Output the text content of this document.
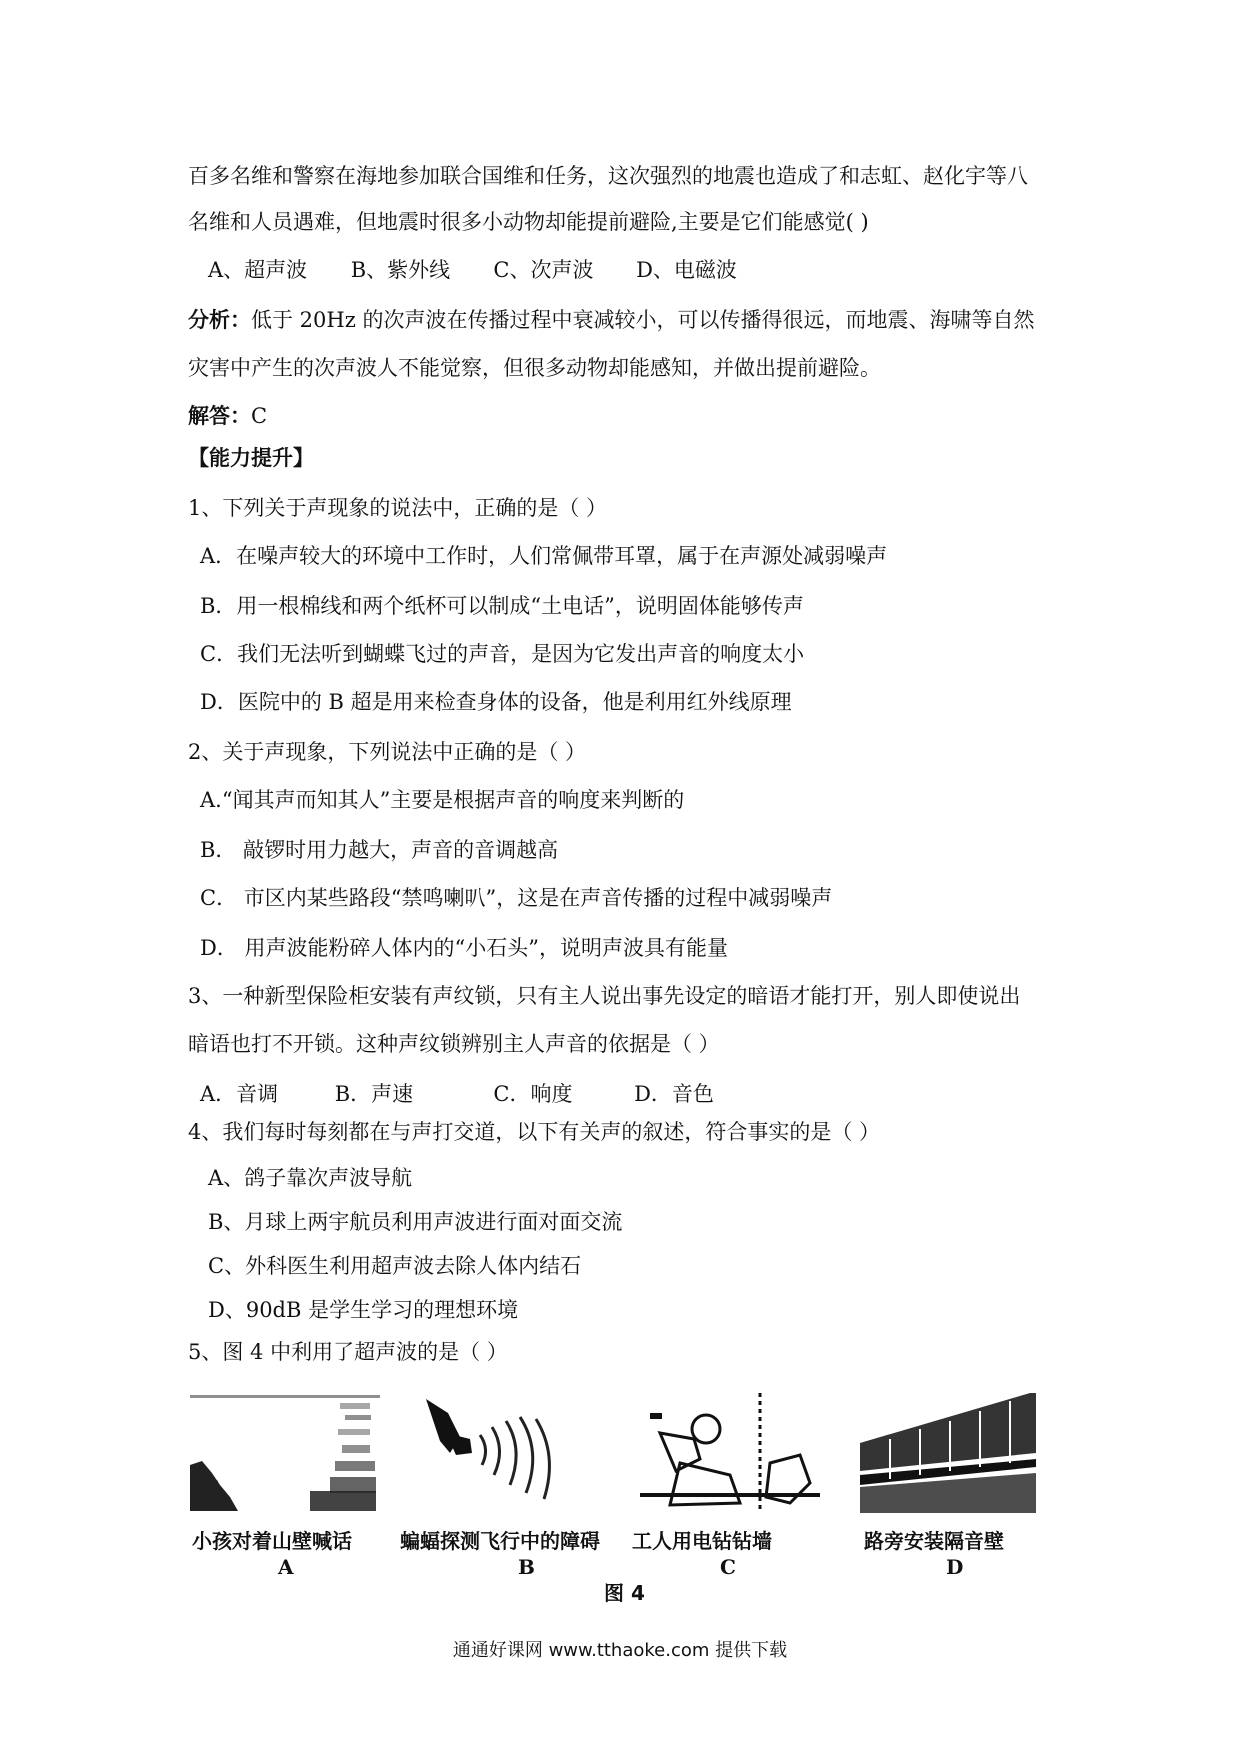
百多名维和警察在海地参加联合国维和任务，这次强烈的地震也造成了和志虹、赵化宇等八
名维和人员遇难，但地震时很多小动物却能提前避险,主要是它们能感觉( )
A、超声波 B、紫外线 C、次声波 D、电磁波
分析：低于 20Hz 的次声波在传播过程中衰减较小，可以传播得很远，而地震、海啸等自然
灾害中产生的次声波人不能觉察，但很多动物却能感知，并做出提前避险。
解答：C
【能力提升】
1、下列关于声现象的说法中，正确的是（ ）
A．在噪声较大的环境中工作时，人们常佩带耳罩，属于在声源处减弱噪声
B．用一根棉线和两个纸杯可以制成“土电话”，说明固体能够传声
C．我们无法听到蝴蝶飞过的声音，是因为它发出声音的响度太小
D．医院中的 B 超是用来检查身体的设备，他是利用红外线原理
2、关于声现象，下列说法中正确的是（ ）
A.“闻其声而知其人”主要是根据声音的响度来判断的
B． 敲锣时用力越大，声音的音调越高
C． 市区内某些路段“禁鸣喇叭”，这是在声音传播的过程中减弱噪声
D． 用声波能粉碎人体内的“小石头”，说明声波具有能量
3、一种新型保险柜安装有声纹锁，只有主人说出事先设定的暗语才能打开，别人即使说出
暗语也打不开锁。这种声纹锁辨别主人声音的依据是（ ）
A．音调	B．声速	C．响度	D．音色
4、我们每时每刻都在与声打交道，以下有关声的叙述，符合事实的是（ ）
A、鸽子靠次声波导航
B、月球上两宇航员利用声波进行面对面交流
C、外科医生利用超声波去除人体内结石
D、90dB 是学生学习的理想环境
5、图 4 中利用了超声波的是（ ）
小孩对着山壁喊话
A
蝙蝠探测飞行中的障碍
B
工人用电钻钻墙
C
路旁安装隔音壁
D
图 4
通通好课网 www.tthaoke.com 提供下载
